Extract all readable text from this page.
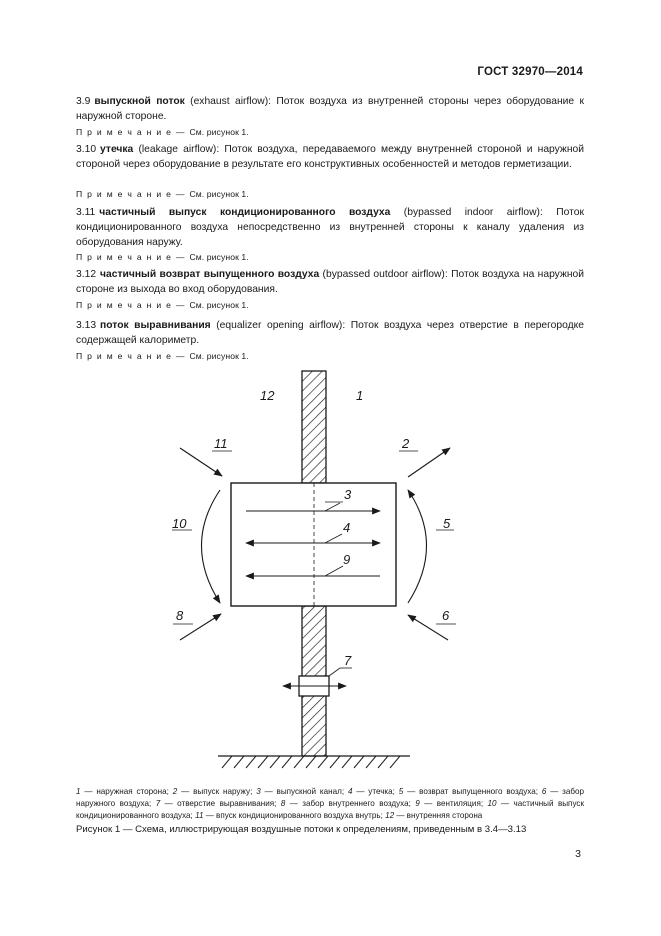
ГОСТ 32970—2014
3.9 выпускной поток (exhaust airflow): Поток воздуха из внутренней стороны через оборудование к наружной стороне.
П р и м е ч а н и е — См. рисунок 1.
3.10 утечка (leakage airflow): Поток воздуха, передаваемого между внутренней стороной и наружной стороной через оборудование в результате его конструктивных особенностей и методов герметизации.
П р и м е ч а н и е — См. рисунок 1.
3.11 частичный выпуск кондиционированного воздуха (bypassed indoor airflow): Поток кондиционированного воздуха непосредственно из внутренней стороны к каналу удаления из оборудования наружу.
П р и м е ч а н и е — См. рисунок 1.
3.12 частичный возврат выпущенного воздуха (bypassed outdoor airflow): Поток воздуха на наружной стороне из выхода во вход оборудования.
П р и м е ч а н и е — См. рисунок 1.
3.13 поток выравнивания (equalizer opening airflow): Поток воздуха через отверстие в перегородке содержащей калориметр.
П р и м е ч а н и е — См. рисунок 1.
1
2
3
4	5
6
7
8
9
10
11
12
1 — наружная сторона; 2 — выпуск наружу; 3 — выпускной канал; 4 — утечка; 5 — возврат выпущенного воздуха; 6 — забор наружного воздуха; 7 — отверстие выравнивания; 8 — забор внутреннего воздуха; 9 — вентиляция; 10 — частичный выпуск кондиционированного воздуха; 11 — впуск кондиционированного воздуха внутрь; 12 — внутренняя сторона
Рисунок 1 — Схема, иллюстрирующая воздушные потоки к определениям, приведенным в 3.4—3.13
3
